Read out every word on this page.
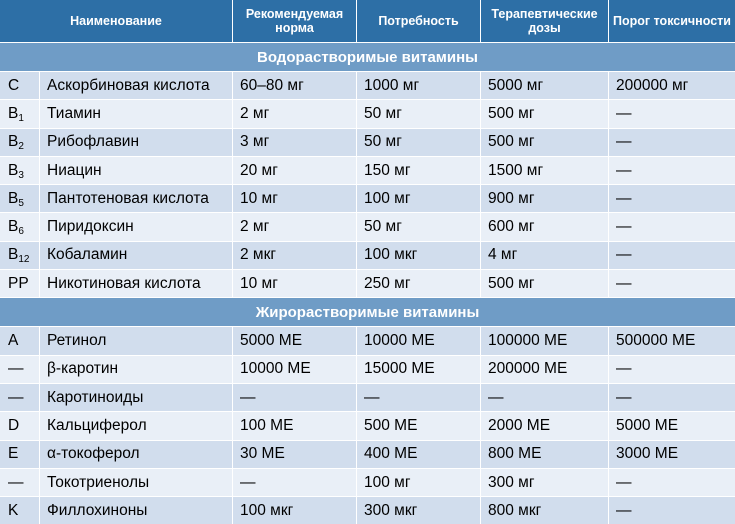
Наименование		Рекомендуемая норма	Потребность	Терапевтические дозы	Порог токсичности
Водорастворимые витамины					
C	Аскорбиновая кислота	60–80 мг	1000 мг	5000 мг	200000 мг
$B_1$	Тиамин	2 мг	50 мг	500 мг	—
$B_2$	Рибофлавин	3 мг	50 мг	500 мг	—
$B_3$	Ниацин	20 мг	150 мг	1500 мг	—
$B_5$	Пантотеновая кислота	10 мг	100 мг	900 мг	—
$B_6$	Пиридоксин	2 мг	50 мг	600 мг	—
$B_{12}$	Кобаламин	2 мкг	100 мкг	4 мг	—
PP	Никотиновая кислота	10 мг	250 мг	500 мг	—
Жирорастворимые витамины					
A	Ретинол	5000 МЕ	10000 МЕ	100000 МЕ	500000 МЕ
—	β-каротин	10000 МЕ	15000 МЕ	200000 МЕ	—
—	Каротиноиды	—	—	—	—
D	Кальциферол	100 МЕ	500 МЕ	2000 МЕ	5000 МЕ
E	α-токоферол	30 МЕ	400 МЕ	800 МЕ	3000 МЕ
—	Токотриенолы	—	100 мг	300 мг	—
K	Филлохиноны	100 мкг	300 мкг	800 мкг	—
